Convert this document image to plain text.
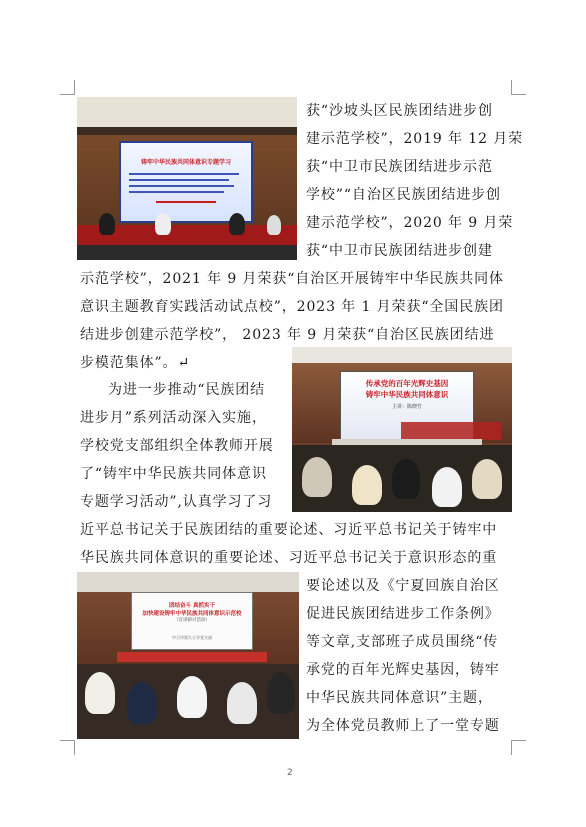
铸牢中华民族共同体意识专题学习
传承党的百年光辉史基因
铸牢中华民族共同体意识
主讲：陈晓竹
团结奋斗 真抓实干
加快建设铸牢中华民族共同体意识示范校
（宣讲研讨活动）
中卫市第九小学党支部
获“沙坡头区民族团结进步创
建示范学校”，2019 年 12 月荣
获“中卫市民族团结进步示范
学校”“自治区民族团结进步创
建示范学校”，2020 年 9 月荣
获“中卫市民族团结进步创建
示范学校”，2021 年 9 月荣获“自治区开展铸牢中华民族共同体
意识主题教育实践活动试点校”，2023 年 1 月荣获“全国民族团
结进步创建示范学校”， 2023 年 9 月荣获“自治区民族团结进
步模范集体”。↵
为进一步推动“民族团结
进步月”系列活动深入实施，
学校党支部组织全体教师开展
了“铸牢中华民族共同体意识
专题学习活动”,认真学习了习
近平总书记关于民族团结的重要论述、习近平总书记关于铸牢中
华民族共同体意识的重要论述、习近平总书记关于意识形态的重
要论述以及《宁夏回族自治区
促进民族团结进步工作条例》
等文章,支部班子成员围绕“传
承党的百年光辉史基因，铸牢
中华民族共同体意识”主题，
为全体党员教师上了一堂专题
2
